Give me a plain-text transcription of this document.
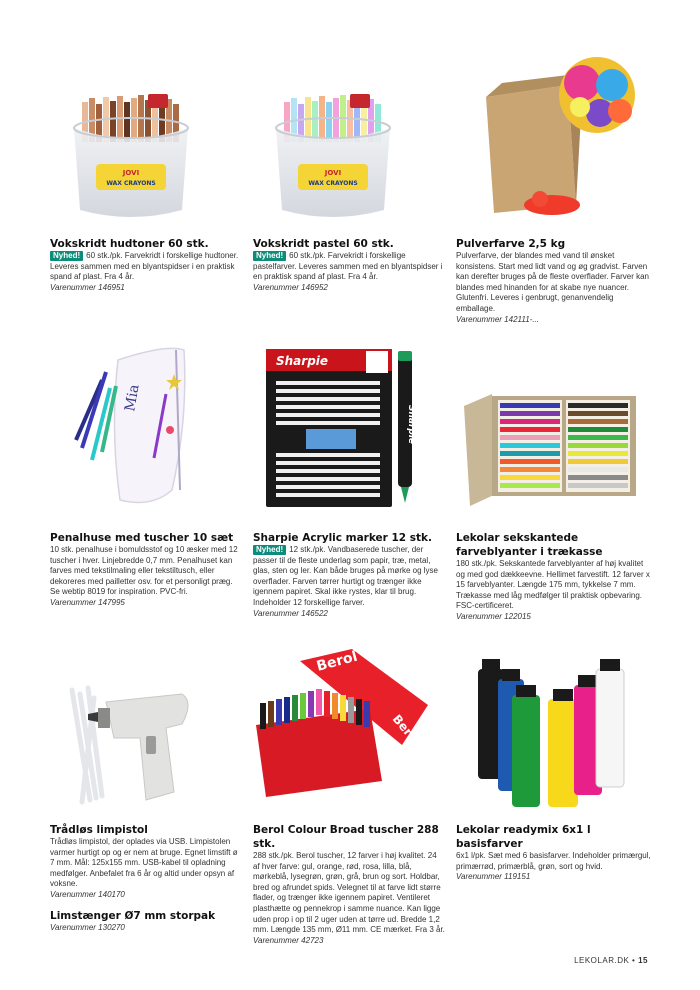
JOVI
WAX CRAYONS
JOVI
WAX CRAYONS
Vokskridt hudtoner 60 stk.
Nyhed! 60 stk./pk. Farvekridt i forskellige hudtoner. Leveres sammen med en blyantspidser i en praktisk spand af plast. Fra 4 år.
Varenummer 146951
Vokskridt pastel 60 stk.
Nyhed! 60 stk./pk. Farvekridt i forskellige pastelfarver. Leveres sammen med en blyantspidser i en praktisk spand af plast. Fra 4 år.
Varenummer 146952
Pulverfarve 2,5 kg
Pulverfarve, der blandes med vand til ønsket konsistens. Start med lidt vand og øg gradvist. Farven kan derefter bruges på de fleste overflader. Farver kan blandes med hinanden for at skabe nye nuancer. Glutenfri. Leveres i genbrugt, genanvendelig emballage.
Varenummer 142111-...
Mia
Sharpie
Sharpie
Penalhuse med tuscher 10 sæt
10 stk. penalhuse i bomuldsstof og 10 æsker med 12 tuscher i hver. Linjebredde 0,7 mm. Penalhuset kan farves med tekstilmaling eller tekstiltusch, eller dekoreres med pailletter osv. for et personligt præg. Se webtip 8019 for inspiration. PVC-fri.
Varenummer 147995
Sharpie Acrylic marker 12 stk.
Nyhed! 12 stk./pk. Vandbaserede tuscher, der passer til de fleste underlag som papir, træ, metal, glas, sten og ler. Kan både bruges på mørke og lyse overflader. Farven tørrer hurtigt og trænger ikke igennem papiret. Skal ikke rystes, klar til brug. Indeholder 12 forskellige farver.
Varenummer 146522
Lekolar sekskantede farveblyanter i trækasse
180 stk./pk. Sekskantede farveblyanter af høj kvalitet og med god dækkeevne. Hellimet farvestift. 12 farver x 15 farveblyanter. Længde 175 mm, tykkelse 7 mm. Trækasse med låg medfølger til praktisk opbevaring. FSC-certificeret.
Varenummer 122015
Berol
Berol
Trådløs limpistol
Trådløs limpistol, der oplades via USB. Limpistolen varmer hurtigt op og er nem at bruge. Egnet limstift ø 7 mm. Mål: 125x155 mm. USB-kabel til opladning medfølger. Anbefalet fra 6 år og altid under opsyn af voksne.
Varenummer 140170
Limstænger Ø7 mm storpak
Varenummer 130270
Berol Colour Broad tuscher 288 stk.
288 stk./pk. Berol tuscher, 12 farver i høj kvalitet. 24 af hver farve: gul, orange, rød, rosa, lilla, blå, mørkeblå, lysegrøn, grøn, grå, brun og sort. Holdbar, bred og afrundet spids. Velegnet til at farve lidt større flader, og trænger ikke igennem papiret. Ventileret plasthætte og pennekrop i samme nuance. Kan ligge uden prop i op til 2 uger uden at tørre ud. Bredde 1,2 mm. Længde 135 mm, Ø11 mm. CE mærket. Fra 3 år.
Varenummer 42723
Lekolar readymix 6x1 l basisfarver
6x1 l/pk. Sæt med 6 basisfarver. Indeholder primærgul, primærrød, primærblå, grøn, sort og hvid.
Varenummer 119151
LEKOLAR.DK • 15
